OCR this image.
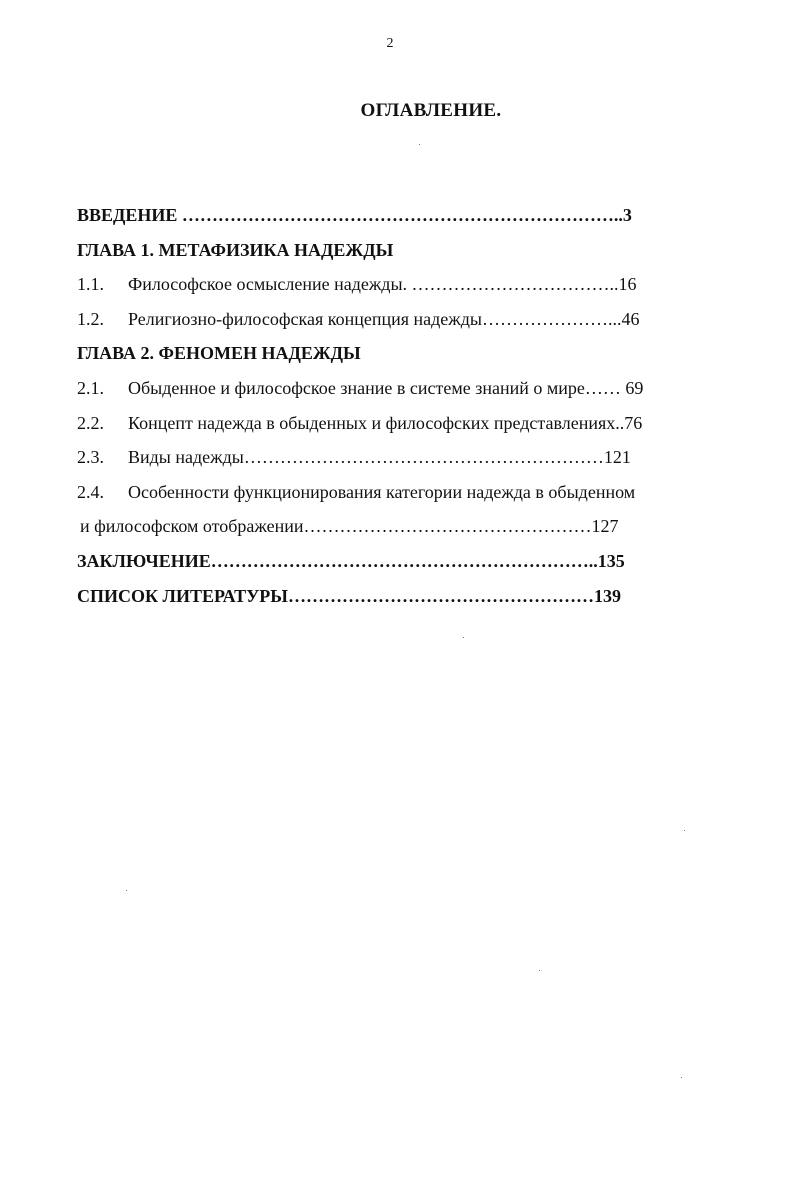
2
ОГЛАВЛЕНИЕ.
ВВЕДЕНИЕ ………………………………………………………………..3
ГЛАВА 1. МЕТАФИЗИКА НАДЕЖДЫ
1.1. Философское осмысление надежды. ……………………………..16
1.2. Религиозно-философская концепция надежды…………………...46
ГЛАВА 2. ФЕНОМЕН НАДЕЖДЫ
2.1. Обыденное и философское знание в системе знаний о мире…… 69
2.2. Концепт надежда в обыденных и философских представлениях..76
2.3. Виды надежды……………………………………………………121
2.4. Особенности функционирования категории надежда в обыденном
и философском отображении…………………………………………127
ЗАКЛЮЧЕНИЕ………………………………………………………..135
СПИСОК ЛИТЕРАТУРЫ……………………………………………139
